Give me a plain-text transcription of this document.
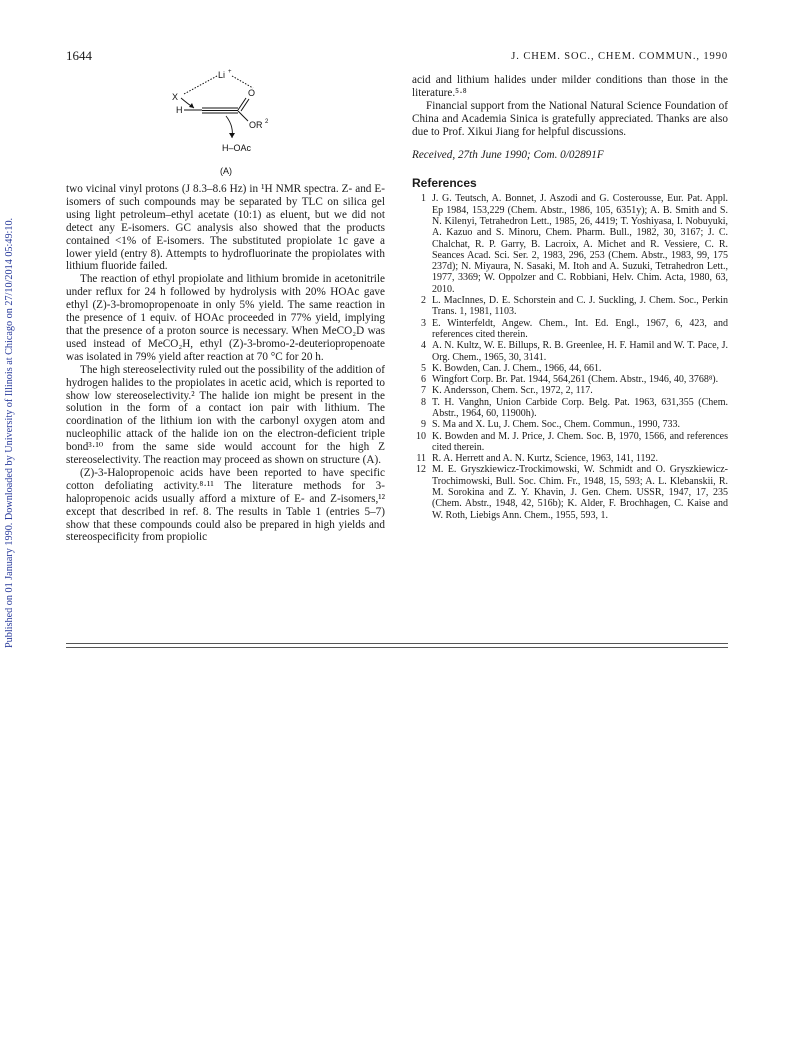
Published on 01 January 1990. Downloaded by University of Illinois at Chicago on 27/10/2014 05:49:10.
1644	J. CHEM. SOC., CHEM. COMMUN., 1990
Li +
X
H
O
OR 2
H–OAc
(A)

two vicinal vinyl protons (J 8.3–8.6 Hz) in ¹H NMR spectra. Z- and E-isomers of such compounds may be separated by TLC on silica gel using light petroleum–ethyl acetate (10:1) as eluent, but we did not detect any E-isomers. GC analysis also showed that the products contained <1% of E-isomers. The substituted propiolate 1c gave a lower yield (entry 8). Attempts to hydrofluorinate the propiolates with lithium fluoride failed.

The reaction of ethyl propiolate and lithium bromide in acetonitrile under reflux for 24 h followed by hydrolysis with 20% HOAc gave ethyl (Z)-3-bromopropenoate in only 5% yield. The same reaction in the presence of 1 equiv. of HOAc proceeded in 77% yield, implying that the presence of a proton source is necessary. When MeCO₂D was used instead of MeCO₂H, ethyl (Z)-3-bromo-2-deuteriopropenoate was isolated in 79% yield after reaction at 70 °C for 20 h.

The high stereoselectivity ruled out the possibility of the addition of hydrogen halides to the propiolates in acetic acid, which is reported to show low stereoselectivity.² The halide ion might be present in the solution in the form of a contact ion pair with lithium. The coordination of the lithium ion with the carbonyl oxygen atom and nucleophilic attack of the halide ion on the electron-deficient triple bond³·¹⁰ from the same side would account for the high Z stereoselectivity. The reaction may proceed as shown on structure (A).

(Z)-3-Halopropenoic acids have been reported to have specific cotton defoliating activity.⁸·¹¹ The literature methods for 3-halopropenoic acids usually afford a mixture of E- and Z-isomers,¹² except that described in ref. 8. The results in Table 1 (entries 5–7) show that these compounds could also be prepared in high yields and stereospecificity from propiolic

acid and lithium halides under milder conditions than those in the literature.⁵·⁸

Financial support from the National Natural Science Foundation of China and Academia Sinica is gratefully appreciated. Thanks are also due to Prof. Xikui Jiang for helpful discussions.

Received, 27th June 1990; Com. 0/02891F

References
1 J. G. Teutsch, A. Bonnet, J. Aszodi and G. Costerousse, Eur. Pat. Appl. Ep 1984, 153,229 (Chem. Abstr., 1986, 105, 6351y); A. B. Smith and S. N. Kilenyi, Tetrahedron Lett., 1985, 26, 4419; T. Yoshiyasa, I. Nobuyuki, A. Kazuo and S. Minoru, Chem. Pharm. Bull., 1982, 30, 3167; J. C. Chalchat, R. P. Garry, B. Lacroix, A. Michet and R. Vessiere, C. R. Seances Acad. Sci. Ser. 2, 1983, 296, 253 (Chem. Abstr., 1983, 99, 175 237d); N. Miyaura, N. Sasaki, M. Itoh and A. Suzuki, Tetrahedron Lett., 1977, 3369; W. Oppolzer and C. Robbiani, Helv. Chim. Acta, 1980, 63, 2010.
2 L. MacInnes, D. E. Schorstein and C. J. Suckling, J. Chem. Soc., Perkin Trans. 1, 1981, 1103.
3 E. Winterfeldt, Angew. Chem., Int. Ed. Engl., 1967, 6, 423, and references cited therein.
4 A. N. Kultz, W. E. Billups, R. B. Greenlee, H. F. Hamil and W. T. Pace, J. Org. Chem., 1965, 30, 3141.
5 K. Bowden, Can. J. Chem., 1966, 44, 661.
6 Wingfort Corp. Br. Pat. 1944, 564,261 (Chem. Abstr., 1946, 40, 3768⁸).
7 K. Andersson, Chem. Scr., 1972, 2, 117.
8 T. H. Vanghn, Union Carbide Corp. Belg. Pat. 1963, 631,355 (Chem. Abstr., 1964, 60, 11900h).
9 S. Ma and X. Lu, J. Chem. Soc., Chem. Commun., 1990, 733.
10 K. Bowden and M. J. Price, J. Chem. Soc. B, 1970, 1566, and references cited therein.
11 R. A. Herrett and A. N. Kurtz, Science, 1963, 141, 1192.
12 M. E. Gryszkiewicz-Trockimowski, W. Schmidt and O. Gryszkiewicz-Trochimowski, Bull. Soc. Chim. Fr., 1948, 15, 593; A. L. Klebanskii, R. M. Sorokina and Z. Y. Khavin, J. Gen. Chem. USSR, 1947, 17, 235 (Chem. Abstr., 1948, 42, 516b); K. Alder, F. Brochhagen, C. Kaise and W. Roth, Liebigs Ann. Chem., 1955, 593, 1.
